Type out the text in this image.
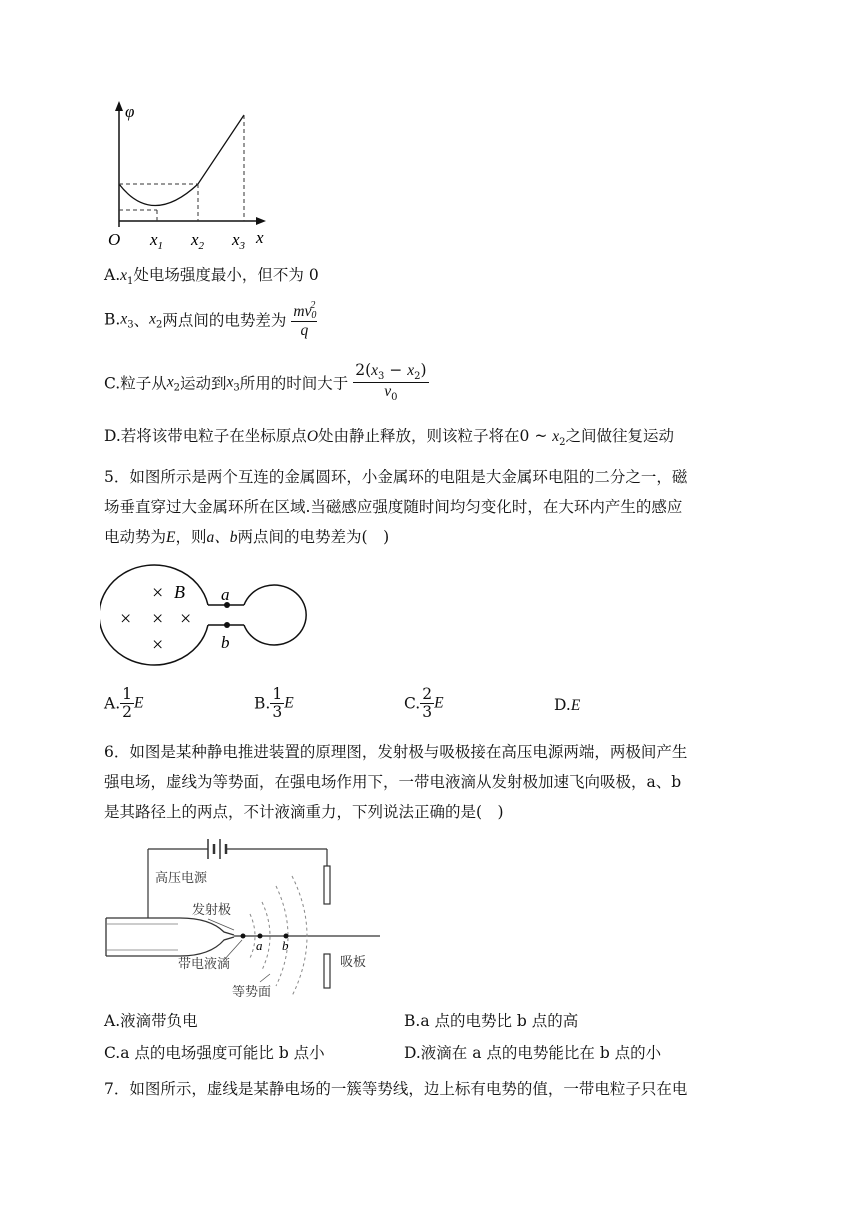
φ
O $x_1$ $x_2$ $x_3$ x
$A.x_1$处电场强度最小，但不为 0
$B.x_3$、$x_2$两点间的电势差为 $\frac{mv_0^2}{q}$
C.粒子从$x_2$运动到$x_3$所用的时间大于 $\frac{2(x_3 - x_2)}{v_0}$
D.若将该带电粒子在坐标原点O处由静止释放，则该粒子将在0 ~ $x_2$之间做往复运动
5．如图所示是两个互连的金属圆环，小金属环的电阻是大金属环电阻的二分之一，磁
场垂直穿过大金属环所在区域.当磁感应强度随时间均匀变化时，在大环内产生的感应
电动势为E，则a、b两点间的电势差为(　)
a
b
× B
× × ×
×
A. $\frac{1}{2}$ E	B. $\frac{1}{3}$ E	C. $\frac{2}{3}$ E	D.E
6．如图是某种静电推进装置的原理图，发射极与吸极接在高压电源两端，两极间产生
强电场，虚线为等势面，在强电场作用下，一带电液滴从发射极加速飞向吸极，a、b
是其路径上的两点，不计液滴重力，下列说法正确的是(　)
高压电源
发射极
a b
带电液滴
等势面
吸板
A.液滴带负电	B.a 点的电势比 b 点的高
C.a 点的电场强度可能比 b 点小	D.液滴在 a 点的电势能比在 b 点的小
7．如图所示，虚线是某静电场的一簇等势线，边上标有电势的值，一带电粒子只在电
